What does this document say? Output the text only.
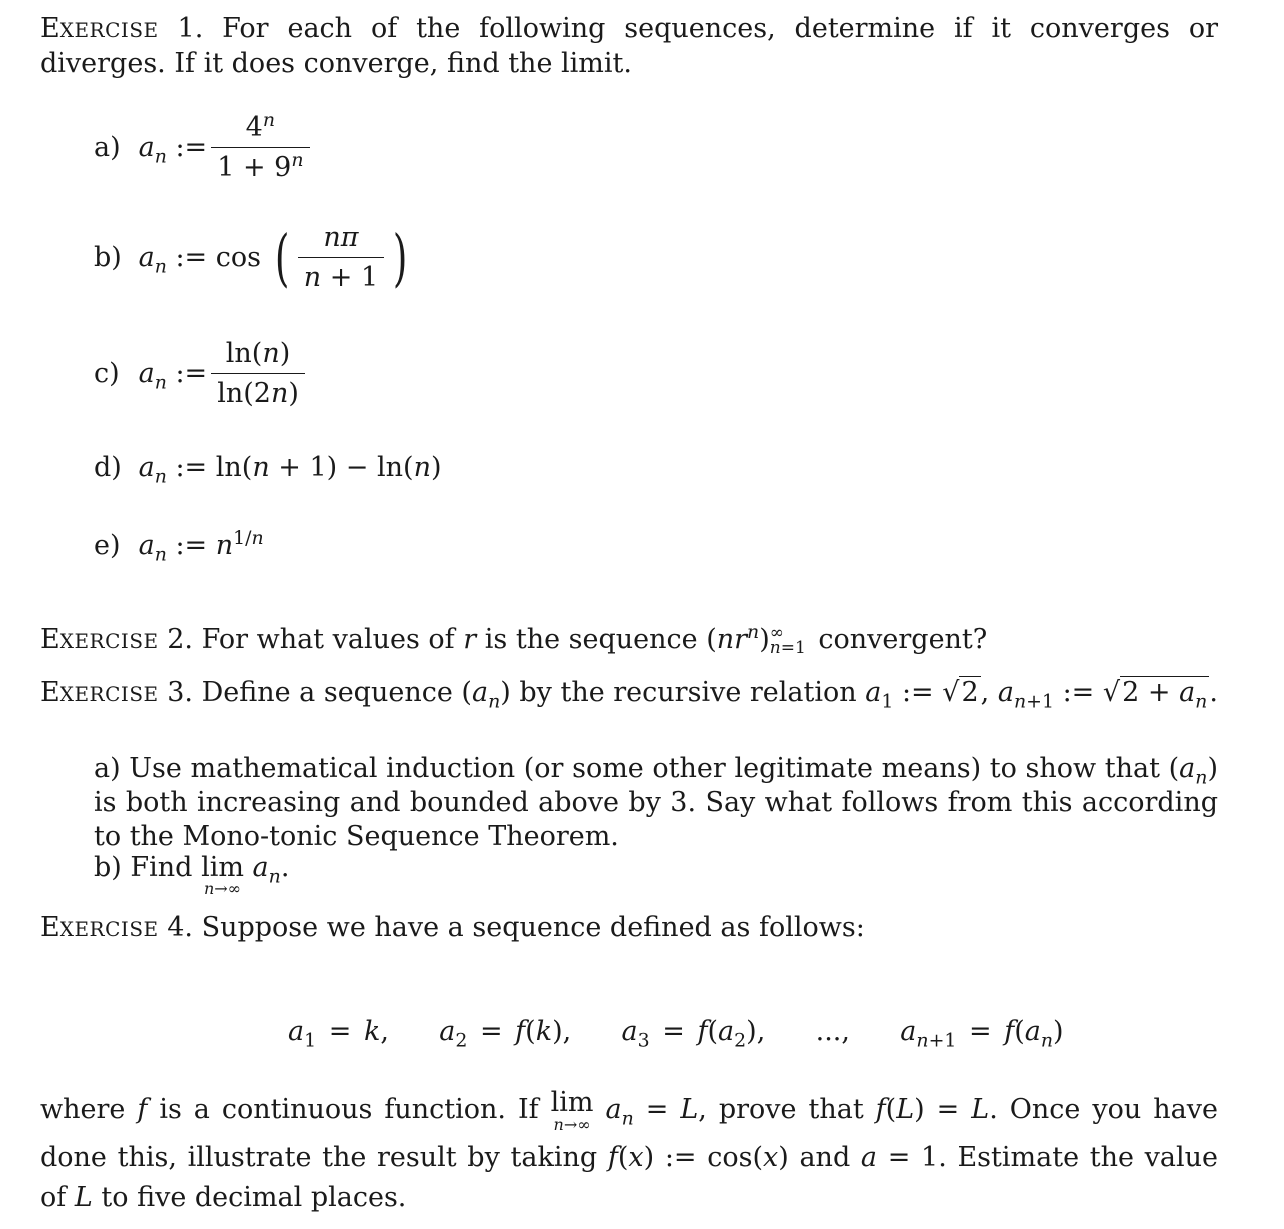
EXERCISE 1. For each of the following sequences, determine if it converges or diverges. If it does converge, find the limit.
a) $a_n$ := $\frac{4^n}{1 + 9^n}$
b) $a_n$ := cos ( $\frac{n\pi}{n + 1}$ )
c) $a_n$ := $\frac{\ln(n)}{\ln(2n)}$
d) $a_n$ := ln(n + 1) − ln(n)
e) $a_n$ := $n^{1/n}$
EXERCISE 2. For what values of r is the sequence $(nr^n)$ ∞
n=1 convergent?
EXERCISE 3. Define a sequence $(a_n)$ by the recursive relation $a_1$ := √ 2 , $a_{n+1}$ := √ $2 + a_n$ .
a) Use mathematical induction (or some other legitimate means) to show that $(a_n)$ is both increasing and bounded above by 3. Say what follows from this according to the Mono-tonic Sequence Theorem.
b) Find lim
n→∞
$a_n$.
EXERCISE 4. Suppose we have a sequence defined as follows:
$a_1 = k$,    $a_2 = f(k)$,    $a_3 = f(a_2)$,    ...,    $a_{n+1} = f(a_n)$
where f is a continuous function. If lim
n→∞ $a_n = L$, prove that f(L) = L. Once you have done this, illustrate the result by taking f(x) := cos(x) and a = 1. Estimate the value of L to five decimal places.
